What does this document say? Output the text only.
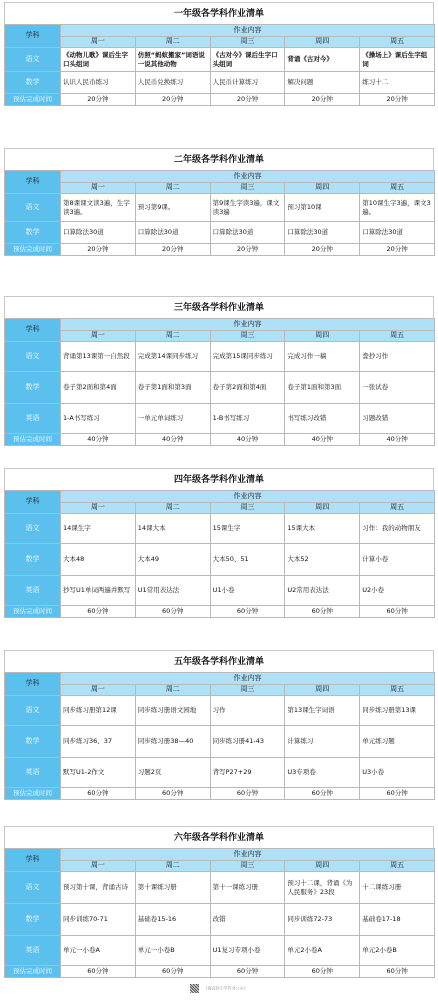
一年级各学科作业清单
学科	作业内容				
	周一	周二	周三	周四	周五
语文	《动物儿歌》课后生字口头组词	仿照“蚂蚁搬家”词语说一说其他动物	《古对今》课后生字口头组词	背诵《古对今》	《操场上》课后生字组词
数学	认识人民币练习	人民币兑换练习	人民币计算练习	解决问题	练习十二
预估完成时间	20分钟	20分钟	20分钟	20分钟	20分钟
二年级各学科作业清单
学科	作业内容				
	周一	周二	周三	周四	周五
语文	第8课课文读3遍，生字读3遍。	预习第9课。	第9课生字读3遍，课文读3遍	预习第10课	第10课生字3遍，课文3遍。
数学	口算除法30道	口算除法30道	口算除法30道	口算除法30道	口算除法30道
预估完成时间	20分钟	20分钟	20分钟	20分钟	20分钟
三年级各学科作业清单
学科	作业内容				
	周一	周二	周三	周四	周五
语文	背诵第13课第一自然段	完成第14课同步练习	完成第15课同步练习	完成习作一稿	誊抄习作
数学	卷子第2面和第4面	卷子第1面和第3面	卷子第2面和第4面	卷子第1面和第3面	一张试卷
英语	1-A书写练习	一单元单词练习	1-B书写练习	书写练习改错	习题改错
预估完成时间	40分钟	40分钟	40分钟	40分钟	40分钟
四年级各学科作业清单
学科	作业内容				
	周一	周二	周三	周四	周五
语文	14课生字	14课大本	15课生字	15课大本	习作：我的动物朋友
数学	大本48	大本49	大本50、51	大本52	计算小卷
英语	抄写U1单词两遍并默写	U1常用表达法	U1小卷	U2常用表达法	U2小卷
预估完成时间	60分钟	60分钟	60分钟	60分钟	60分钟
五年级各学科作业清单
学科	作业内容				
	周一	周二	周三	周四	周五
语文	同步练习册第12课	同步练习册语文园地	习作	第13课生字词语	同步练习册第13课
数学	同步练习36、37	同步练习册38—40	同步练习册41-43	计算练习	单元练习题
英语	默写U1-2作文	习题2页	背写P27+29	U3专项卷	U3小卷
预估完成时间	60分钟	60分钟	60分钟	60分钟	60分钟
六年级各学科作业清单
学科	作业内容				
	周一	周二	周三	周四	周五
语文	预习第十课，背诵古诗	第十课练习册	第十一课练习册	预习十二课，背诵《为人民服务》23段	十二课练习册
数学	同步训练70-71	基础卷15-16	改错	同步训练72-73	基础卷17-18
英语	单元一小卷A	单元一小卷B	U1复习专项小卷	单元2小卷A	单元2小卷B
预估完成时间	60分钟	60分钟	60分钟	60分钟	60分钟
《海淀区小学作业公示》
